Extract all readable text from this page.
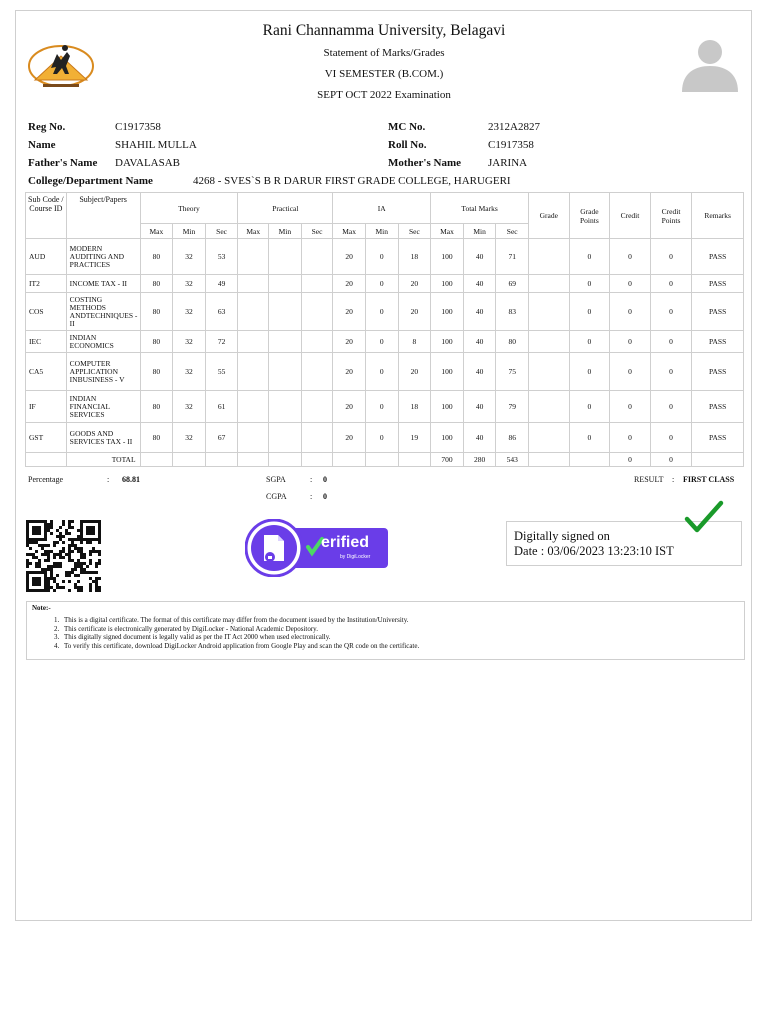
Rani Channamma University, Belagavi
Statement of Marks/Grades
VI SEMESTER (B.COM.)
SEPT OCT 2022 Examination
Reg No.	C1917358
Name	SHAHIL MULLA
Father's Name DAVALASAB
College/Department Name	4268 - SVES`S B R DARUR FIRST GRADE COLLEGE, HARUGERI
MC No.	2312A2827
Roll No.	C1917358
Mother's Name JARINA
Sub Code / Course ID	Subject/Papers	Theory			Practical			IA			Total Marks			Grade	Grade Points	Credit	Credit Points	Remarks
		Max	Min	Sec	Max	Min	Sec	Max	Min	Sec	Max	Min	Sec					
AUD	MODERN AUDITING AND PRACTICES	80	32	53				20	0	18	100	40	71		0	0	0	PASS
IT2	INCOME TAX - II	80	32	49				20	0	20	100	40	69		0	0	0	PASS
COS	COSTING METHODS ANDTECHNIQUES - II	80	32	63				20	0	20	100	40	83		0	0	0	PASS
IEC	INDIAN ECONOMICS	80	32	72				20	0	8	100	40	80		0	0	0	PASS
CA5	COMPUTER APPLICATION INBUSINESS - V	80	32	55				20	0	20	100	40	75		0	0	0	PASS
IF	INDIAN FINANCIAL SERVICES	80	32	61				20	0	18	100	40	79		0	0	0	PASS
GST	GOODS AND SERVICES TAX - II	80	32	67				20	0	19	100	40	86		0	0	0	PASS
	TOTAL										700	280	543			0	0	
Percentage	: 68.81	SGPA	: 0
CGPA	: 0
RESULT : FIRST CLASS
erified
by DigiLocker
Digitally signed on
Date : 03/06/2023 13:23:10 IST
Note:-
1. This is a digital certificate. The format of this certificate may differ from the document issued by the Institution/University.
2. This certificate is electronically generated by DigiLocker - National Academic Depository.
3. This digitally signed document is legally valid as per the IT Act 2000 when used electronically.
4. To verify this certificate, download DigiLocker Android application from Google Play and scan the QR code on the certificate.
